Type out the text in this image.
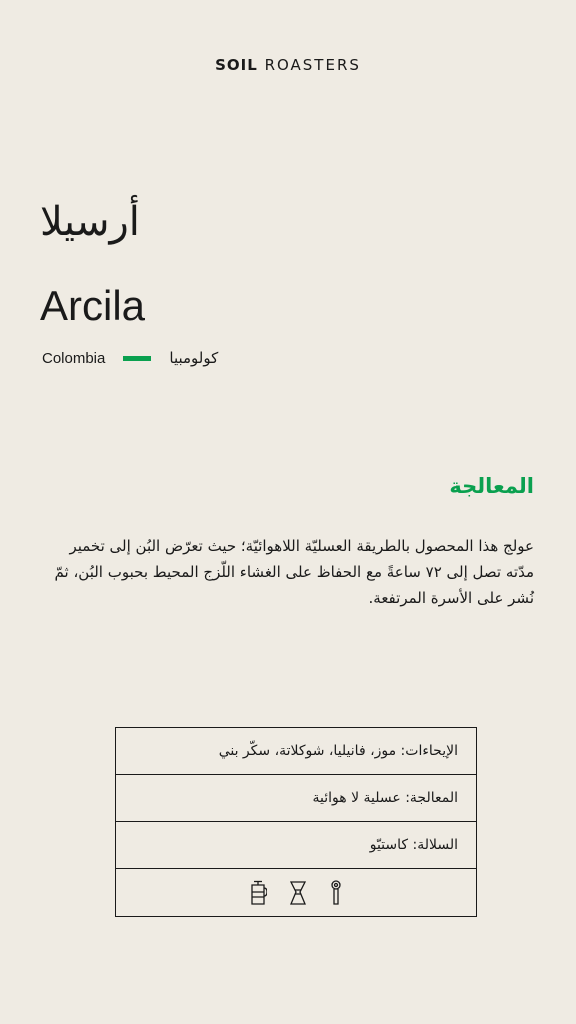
SOIL ROASTERS
أرسيلا
Arcila
Colombia	كولومبيا
المعالجة
عولج هذا المحصول بالطريقة العسليّة اللاهوائيّة؛ حيث تعرّض البُن إلى تخمير مدّته تصل إلى ٧٢ ساعةً مع الحفاظ على الغشاء اللّزج المحيط بحبوب البُن، ثمّ نُشر على الأسرة المرتفعة.
الإيحاءات: موز، فانيليا، شوكلاتة، سكّر بني
المعالجة: عسلية لا هوائية
السلالة: كاستيّو
